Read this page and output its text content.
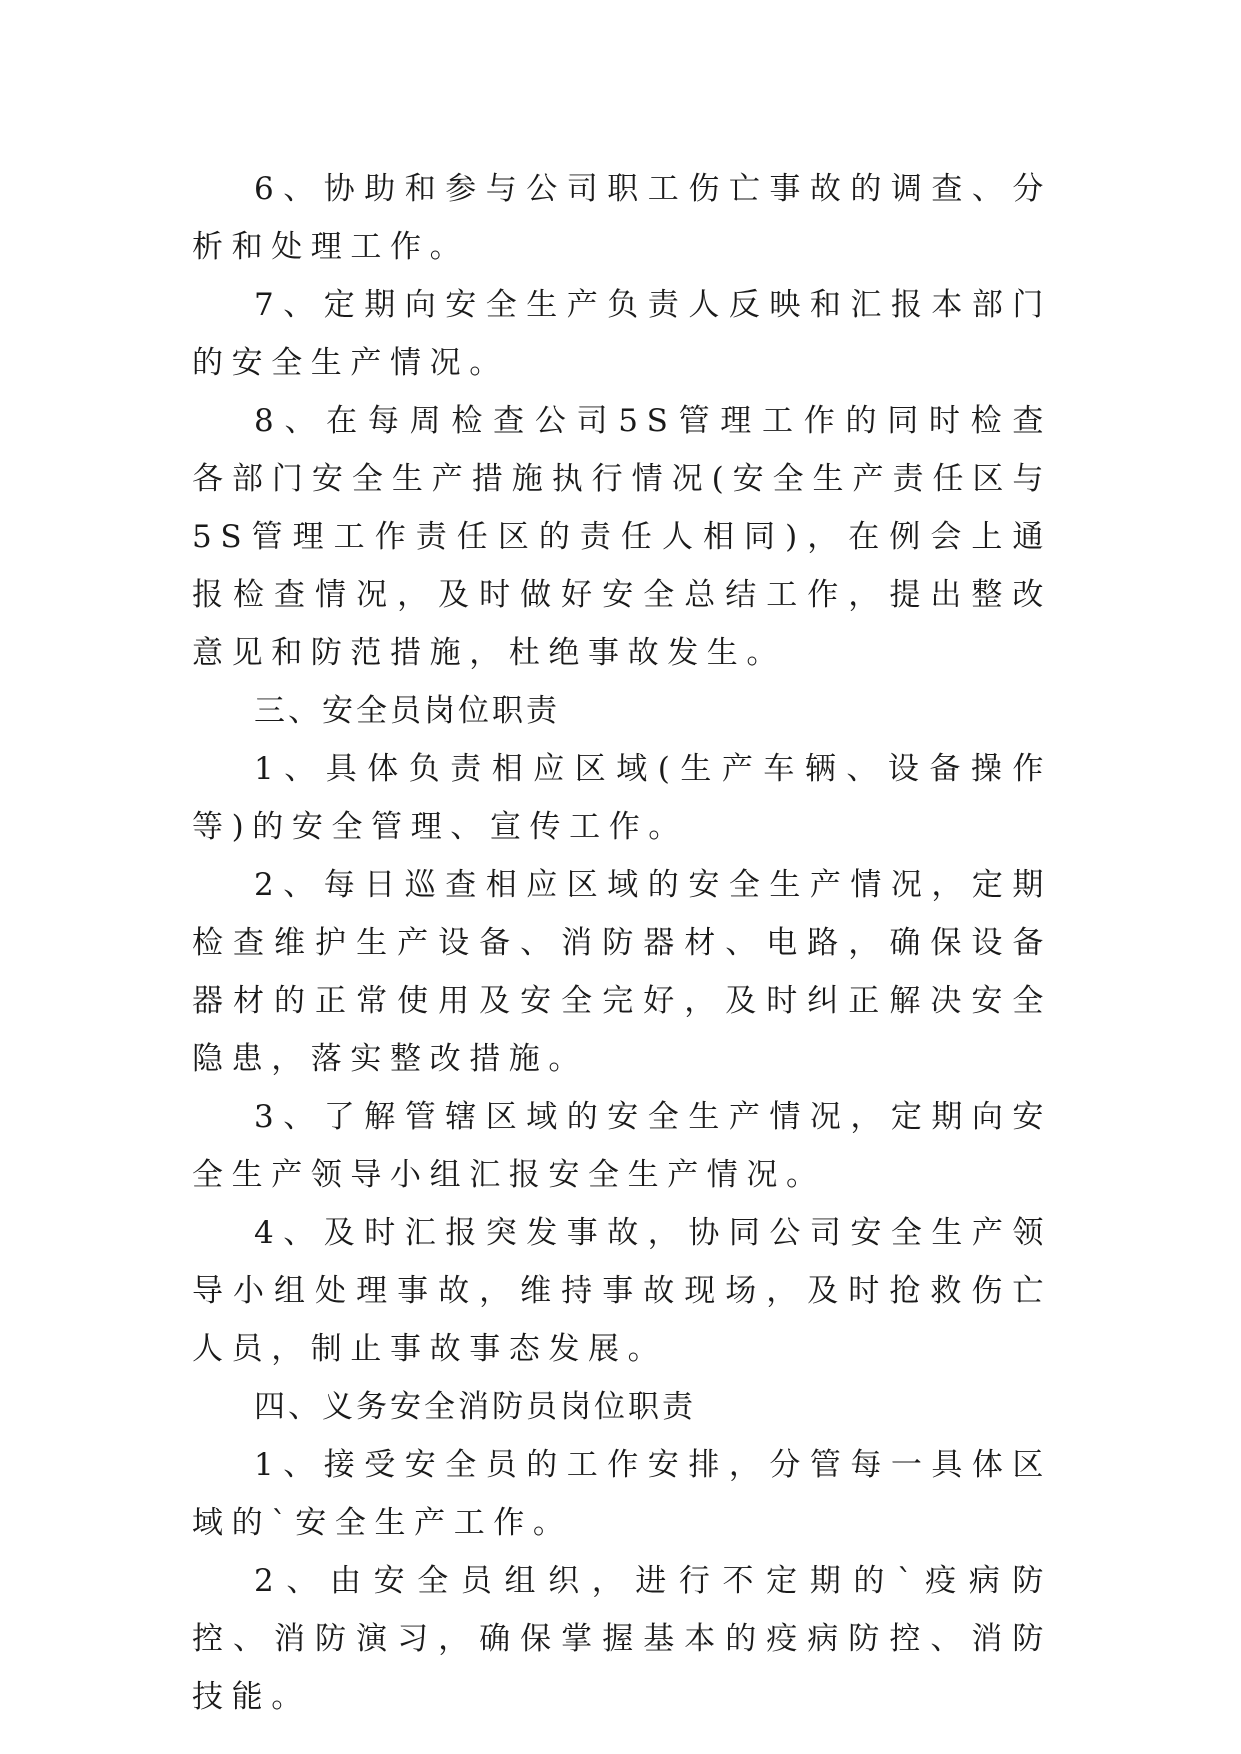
6、协助和参与公司职工伤亡事故的调查、分析和处理工作。

7、定期向安全生产负责人反映和汇报本部门的安全生产情况。

8、在每周检查公司5S管理工作的同时检查各部门安全生产措施执行情况(安全生产责任区与5S管理工作责任区的责任人相同)，在例会上通报检查情况，及时做好安全总结工作，提出整改意见和防范措施，杜绝事故发生。

三、安全员岗位职责

1、具体负责相应区域(生产车辆、设备操作等)的安全管理、宣传工作。

2、每日巡查相应区域的安全生产情况，定期检查维护生产设备、消防器材、电路，确保设备器材的正常使用及安全完好，及时纠正解决安全隐患，落实整改措施。

3、了解管辖区域的安全生产情况，定期向安全生产领导小组汇报安全生产情况。

4、及时汇报突发事故，协同公司安全生产领导小组处理事故，维持事故现场，及时抢救伤亡人员，制止事故事态发展。

四、义务安全消防员岗位职责

1、接受安全员的工作安排，分管每一具体区域的`安全生产工作。

2、由安全员组织，进行不定期的`疫病防控、消防演习，确保掌握基本的疫病防控、消防技能。
